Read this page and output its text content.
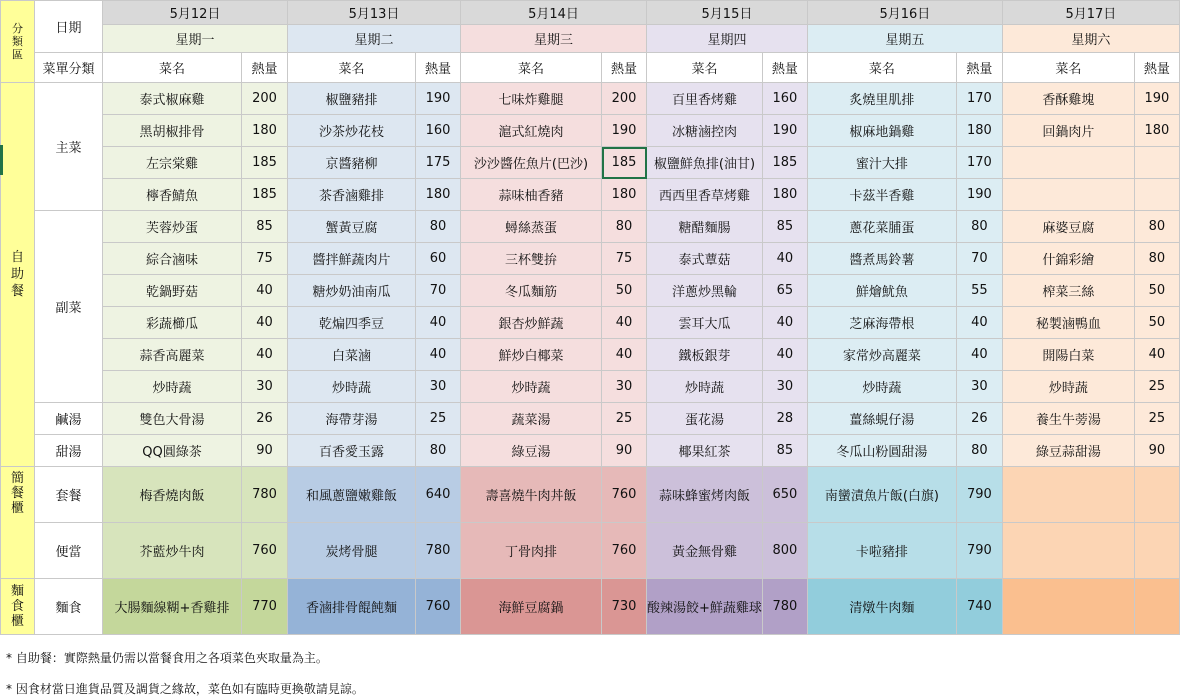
分
類
區	日期	5月12日		5月13日		5月14日		5月15日		5月16日		5月17日	
		星期一		星期二		星期三		星期四		星期五		星期六	
	菜單分類	菜名	熱量	菜名	熱量	菜名	熱量	菜名	熱量	菜名	熱量	菜名	熱量

自
助
餐	主菜	泰式椒麻雞	200	椒鹽豬排	190	七味炸雞腿	200	百里香烤雞	160	炙燒里肌排	170	香酥雞塊	190
		黑胡椒排骨	180	沙茶炒花枝	160	滬式紅燒肉	190	冰糖滷控肉	190	椒麻地鍋雞	180	回鍋肉片	180
		左宗棠雞	185	京醬豬柳	175	沙沙醬佐魚片(巴沙)	185	椒鹽鮮魚排(油甘)	185	蜜汁大排	170		
		檸香鯖魚	185	茶香滷雞排	180	蒜味柚香豬	180	西西里香草烤雞	180	卡茲半香雞	190		
	副菜	芙蓉炒蛋	85	蟹黃豆腐	80	蟳絲蒸蛋	80	糖醋麵腸	85	蔥花菜脯蛋	80	麻婆豆腐	80
		綜合滷味	75	醬拌鮮蔬肉片	60	三杯雙拚	75	泰式蕈菇	40	醬煮馬鈴薯	70	什錦彩繪	80
		乾鍋野菇	40	糖炒奶油南瓜	70	冬瓜麵筋	50	洋蔥炒黑輪	65	鮮燴魷魚	55	榨菜三絲	50
		彩蔬櫛瓜	40	乾煸四季豆	40	銀杏炒鮮蔬	40	雲耳大瓜	40	芝麻海帶根	40	秘製滷鴨血	50
		蒜香高麗菜	40	白菜滷	40	鮮炒白椰菜	40	鐵板銀芽	40	家常炒高麗菜	40	開陽白菜	40
		炒時蔬	30	炒時蔬	30	炒時蔬	30	炒時蔬	30	炒時蔬	30	炒時蔬	25
	鹹湯	雙色大骨湯	26	海帶芽湯	25	蔬菜湯	25	蛋花湯	28	薑絲蜆仔湯	26	養生牛蒡湯	25
	甜湯	QQ圓綠茶	90	百香愛玉露	80	綠豆湯	90	椰果紅茶	85	冬瓜山粉圓甜湯	80	綠豆蒜甜湯	90

簡
餐
櫃	套餐	梅香燒肉飯	780	和風蔥鹽嫩雞飯	640	壽喜燒牛肉丼飯	760	蒜味蜂蜜烤肉飯	650	南蠻漬魚片飯(白旗)	790		
	便當	芥藍炒牛肉	760	炭烤骨腿	780	丁骨肉排	760	黃金無骨雞	800	卡啦豬排	790		

麵
食
櫃	麵食	大腸麵線糊+香雞排	770	香滷排骨餛飩麵	760	海鮮豆腐鍋	730	酸辣湯餃+鮮蔬雞球	780	清燉牛肉麵	740		
* 自助餐：實際熱量仍需以當餐食用之各項菜色夾取量為主。
* 因食材當日進貨品質及調貨之緣故，菜色如有臨時更換敬請見諒。
